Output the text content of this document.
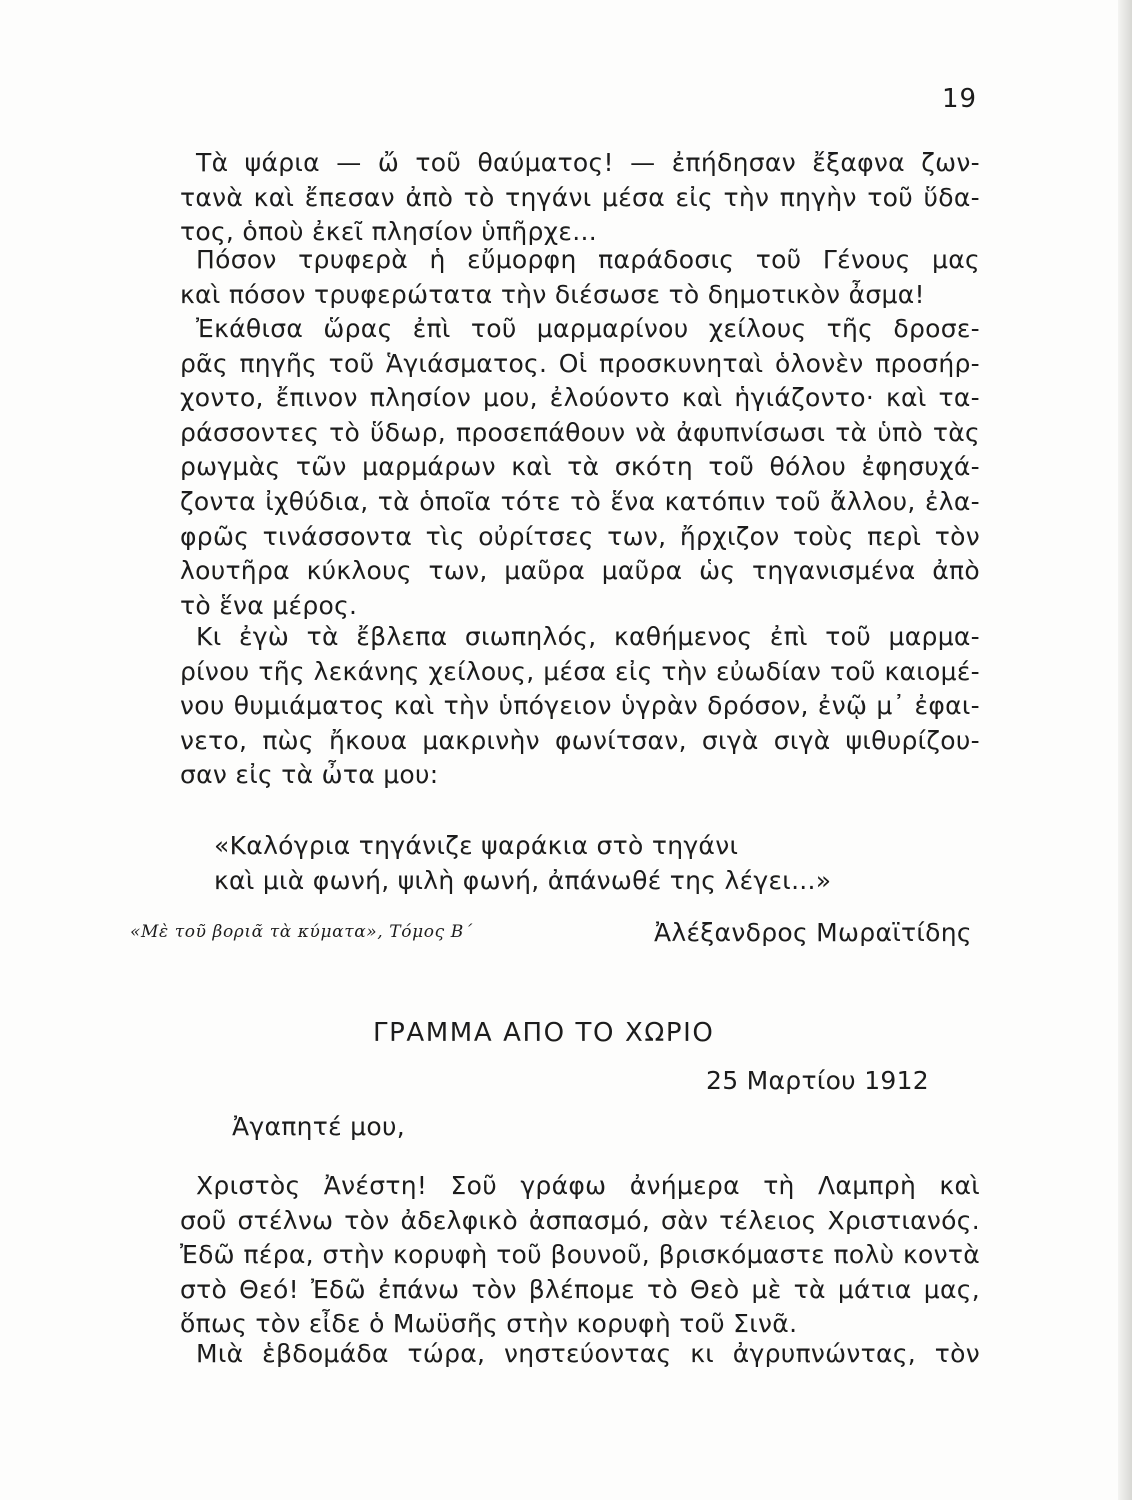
19
Τὰ ψάρια — ὤ τοῦ θαύματος! — ἐπήδησαν ἔξαφνα ζων-
τανὰ καὶ ἔπεσαν ἀπὸ τὸ τηγάνι μέσα εἰς τὴν πηγὴν τοῦ ὕδα-
τος, ὁποὺ ἐκεῖ πλησίον ὑπῆρχε...
Πόσον τρυφερὰ ἡ εὔμορφη παράδοσις τοῦ Γένους μας
καὶ πόσον τρυφερώτατα τὴν διέσωσε τὸ δημοτικὸν ἆσμα!
Ἐκάθισα ὥρας ἐπὶ τοῦ μαρμαρίνου χείλους τῆς δροσε-
ρᾶς πηγῆς τοῦ Ἁγιάσματος. Οἱ προσκυνηταὶ ὁλονὲν προσήρ-
χοντο, ἔπινον πλησίον μου, ἐλούοντο καὶ ἡγιάζοντο· καὶ τα-
ράσσοντες τὸ ὕδωρ, προσεπάθουν νὰ ἀφυπνίσωσι τὰ ὑπὸ τὰς
ρωγμὰς τῶν μαρμάρων καὶ τὰ σκότη τοῦ θόλου ἐφησυχά-
ζοντα ἰχθύδια, τὰ ὁποῖα τότε τὸ ἕνα κατόπιν τοῦ ἄλλου, ἐλα-
φρῶς τινάσσοντα τὶς οὐρίτσες των, ἤρχιζον τοὺς περὶ τὸν
λουτῆρα κύκλους των, μαῦρα μαῦρα ὡς τηγανισμένα ἀπὸ
τὸ ἕνα μέρος.
Κι ἐγὼ τὰ ἔβλεπα σιωπηλός, καθήμενος ἐπὶ τοῦ μαρμα-
ρίνου τῆς λεκάνης χείλους, μέσα εἰς τὴν εὐωδίαν τοῦ καιομέ-
νου θυμιάματος καὶ τὴν ὑπόγειον ὑγρὰν δρόσον, ἐνῷ μ᾽ ἐφαι-
νετο, πὼς ἤκουα μακρινὴν φωνίτσαν, σιγὰ σιγὰ ψιθυρίζου-
σαν εἰς τὰ ὦτα μου:
«Καλόγρια τηγάνιζε ψαράκια στὸ τηγάνι
καὶ μιὰ φωνή, ψιλὴ φωνή, ἀπάνωθέ της λέγει...»
«Μὲ τοῦ βοριᾶ τὰ κύματα», Τόμος Β΄	Ἀλέξανδρος Μωραϊτίδης
ΓΡΑΜΜΑ ΑΠΟ ΤΟ ΧΩΡΙΟ
25 Μαρτίου 1912
Ἀγαπητέ μου,
Χριστὸς Ἀνέστη! Σοῦ γράφω ἀνήμερα τὴ Λαμπρὴ καὶ
σοῦ στέλνω τὸν ἀδελφικὸ ἀσπασμό, σὰν τέλειος Χριστιανός.
Ἐδῶ πέρα, στὴν κορυφὴ τοῦ βουνοῦ, βρισκόμαστε πολὺ κοντὰ
στὸ Θεό! Ἐδῶ ἐπάνω τὸν βλέπομε τὸ Θεὸ μὲ τὰ μάτια μας,
ὅπως τὸν εἶδε ὁ Μωϋσῆς στὴν κορυφὴ τοῦ Σινᾶ.
Μιὰ ἑβδομάδα τώρα, νηστεύοντας κι ἀγρυπνώντας, τὸν
